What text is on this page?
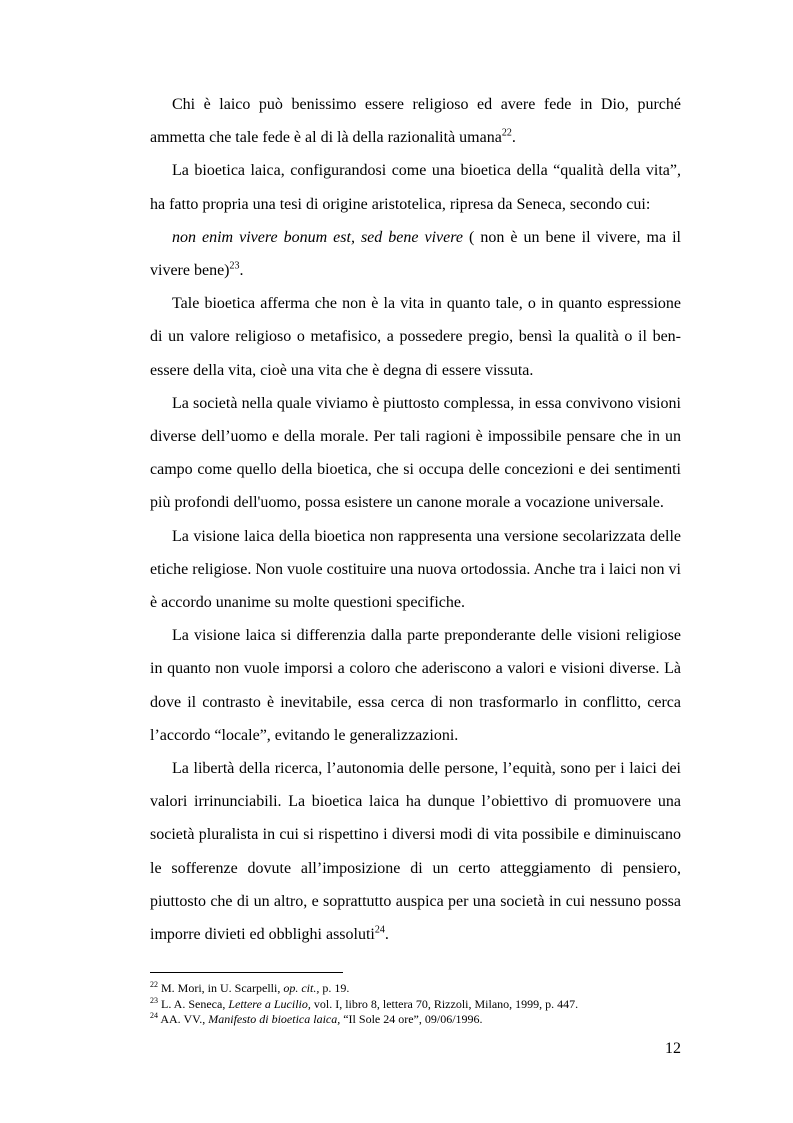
Chi è laico può benissimo essere religioso ed avere fede in Dio, purché ammetta che tale fede è al di là della razionalità umana$^{22}$.

La bioetica laica, configurandosi come una bioetica della “qualità della vita”, ha fatto propria una tesi di origine aristotelica, ripresa da Seneca, secondo cui:

non enim vivere bonum est, sed bene vivere ( non è un bene il vivere, ma il vivere bene)$^{23}$.

Tale bioetica afferma che non è la vita in quanto tale, o in quanto espressione di un valore religioso o metafisico, a possedere pregio, bensì la qualità o il ben-essere della vita, cioè una vita che è degna di essere vissuta.

La società nella quale viviamo è piuttosto complessa, in essa convivono visioni diverse dell’uomo e della morale. Per tali ragioni è impossibile pensare che in un campo come quello della bioetica, che si occupa delle concezioni e dei sentimenti più profondi dell'uomo, possa esistere un canone morale a vocazione universale.

La visione laica della bioetica non rappresenta una versione secolarizzata delle etiche religiose. Non vuole costituire una nuova ortodossia. Anche tra i laici non vi è accordo unanime su molte questioni specifiche.

La visione laica si differenzia dalla parte preponderante delle visioni religiose in quanto non vuole imporsi a coloro che aderiscono a valori e visioni diverse. Là dove il contrasto è inevitabile, essa cerca di non trasformarlo in conflitto, cerca l’accordo “locale”, evitando le generalizzazioni.

La libertà della ricerca, l’autonomia delle persone, l’equità, sono per i laici dei valori irrinunciabili. La bioetica laica ha dunque l’obiettivo di promuovere una società pluralista in cui si rispettino i diversi modi di vita possibile e diminuiscano le sofferenze dovute all’imposizione di un certo atteggiamento di pensiero, piuttosto che di un altro, e soprattutto auspica per una società in cui nessuno possa imporre divieti ed obblighi assoluti$^{24}$.

$^{22}$ M. Mori, in U. Scarpelli, op. cit., p. 19.

$^{23}$ L. A. Seneca, Lettere a Lucilio, vol. I, libro 8, lettera 70, Rizzoli, Milano, 1999, p. 447.

$^{24}$ AA. VV., Manifesto di bioetica laica, “Il Sole 24 ore”, 09/06/1996.

12
